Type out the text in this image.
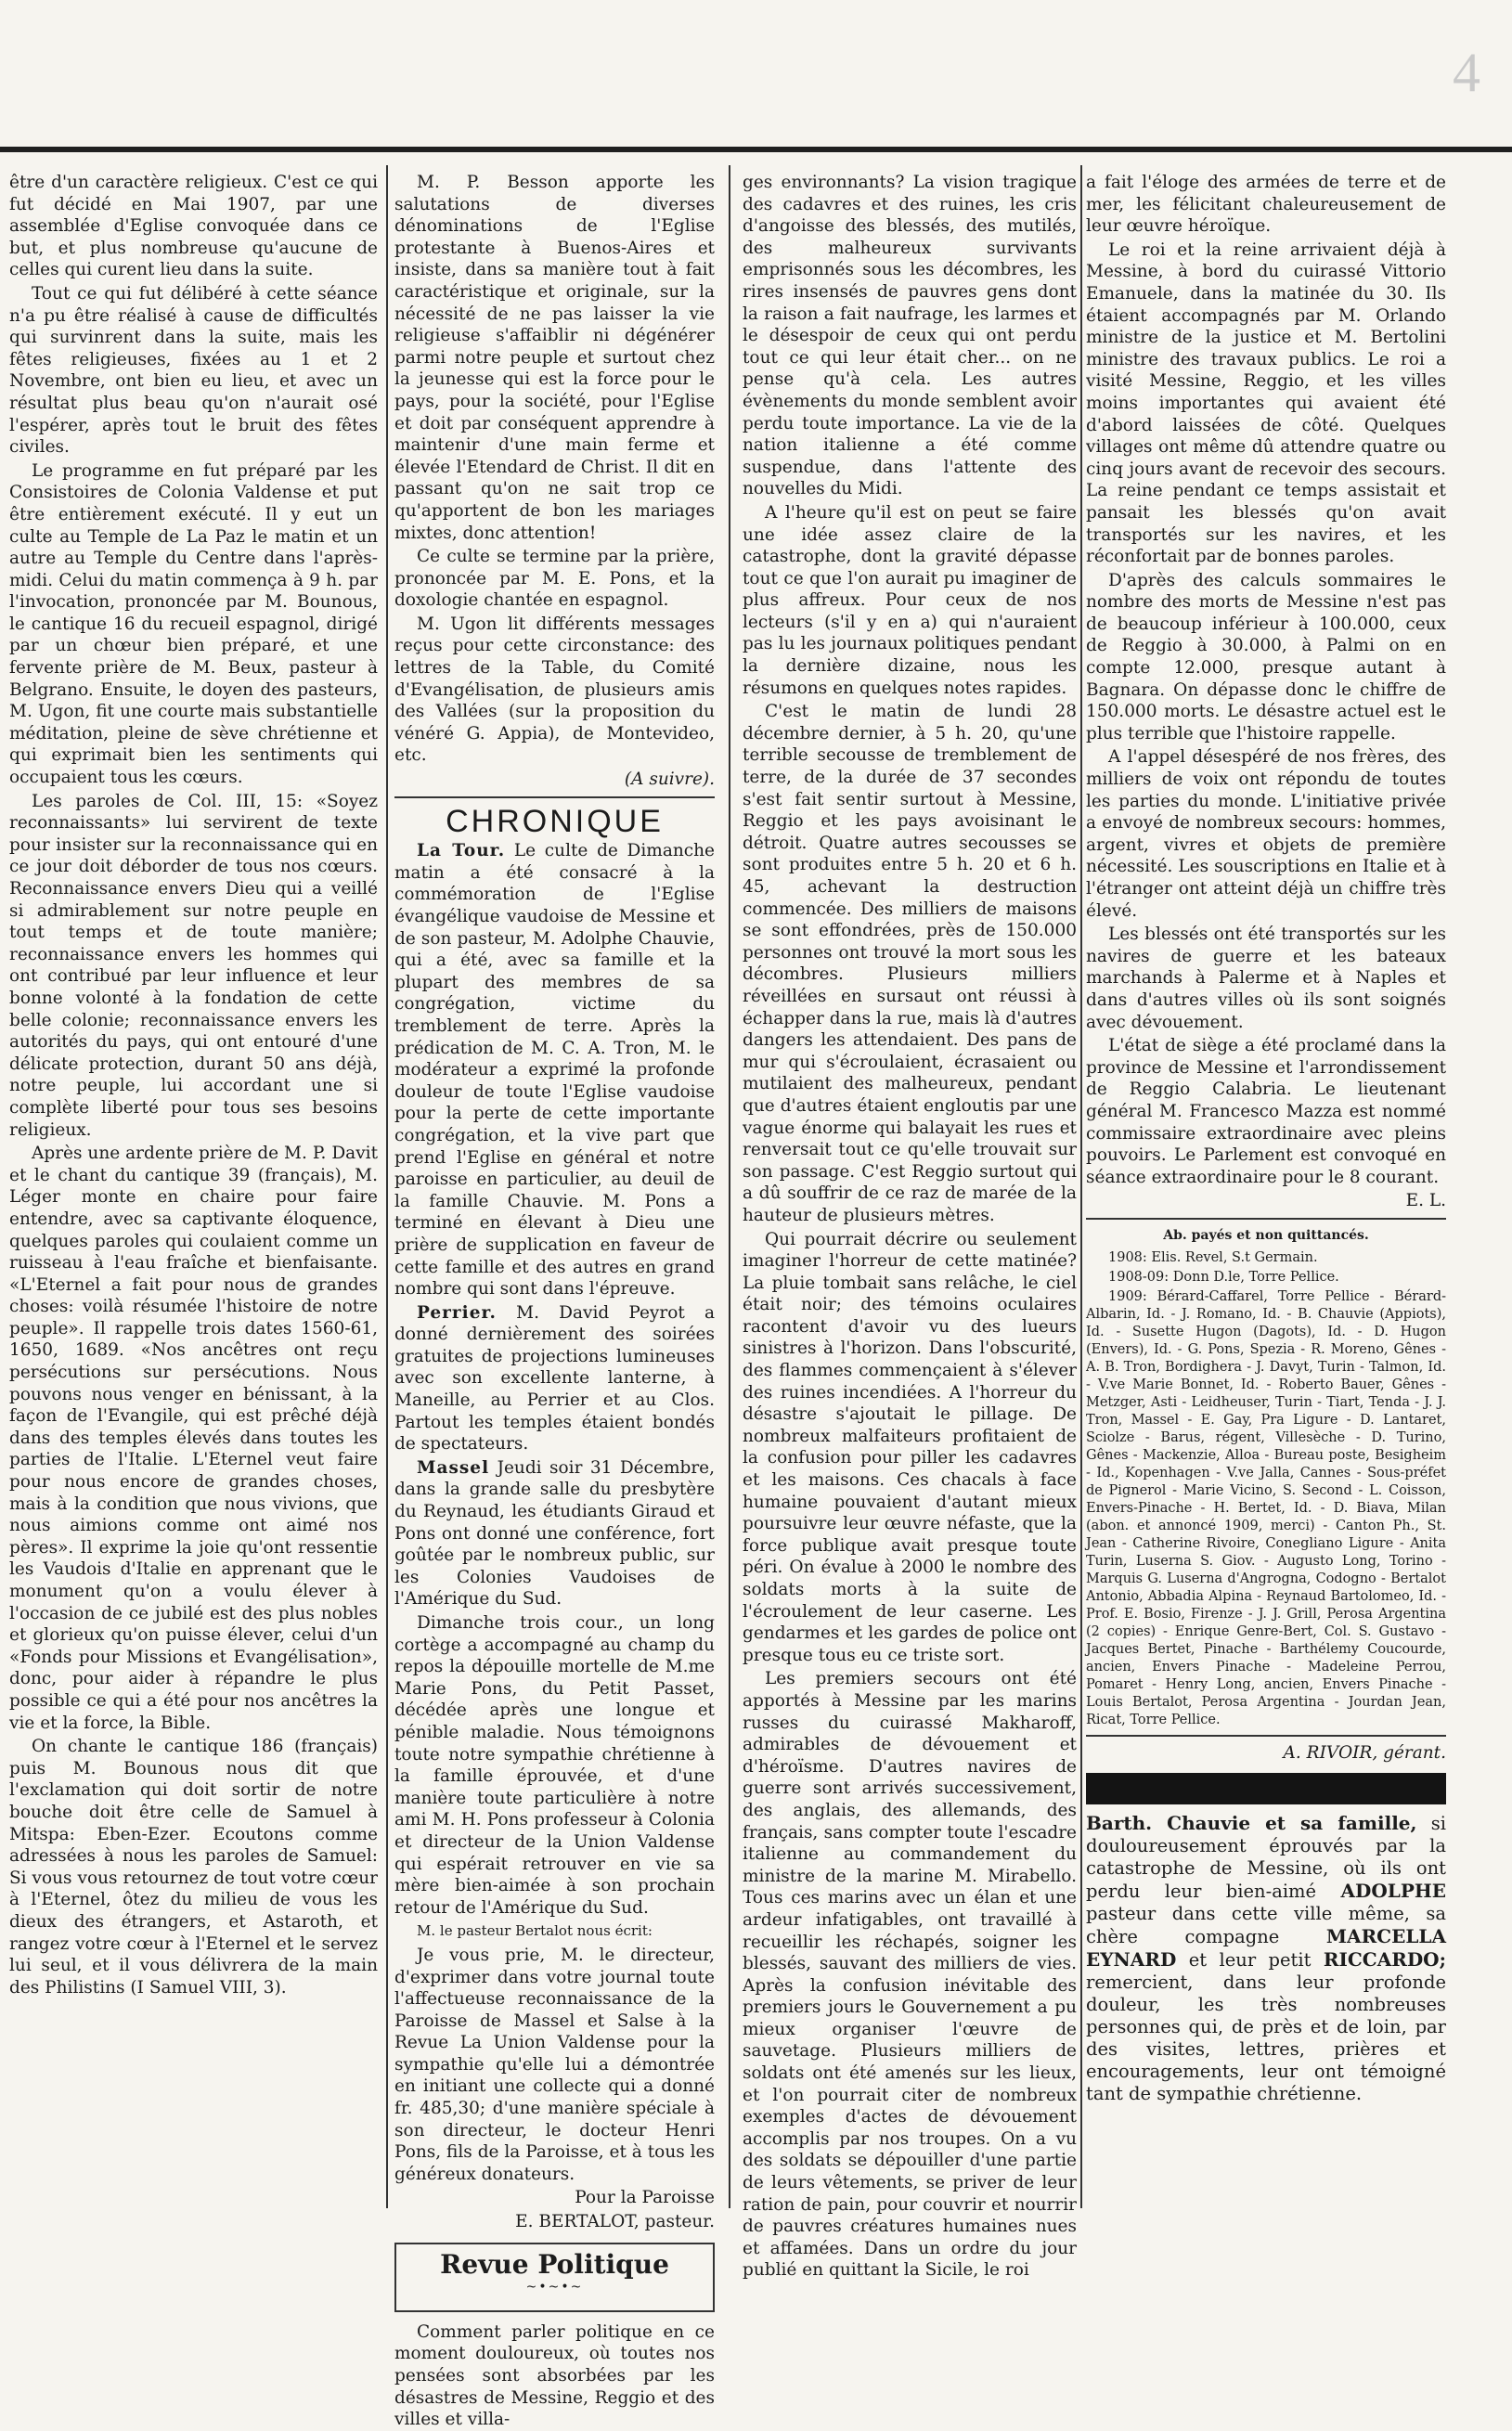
4

être d'un caractère religieux. C'est ce qui fut décidé en Mai 1907, par une assemblée d'Eglise convoquée dans ce but, et plus nombreuse qu'aucune de celles qui curent lieu dans la suite.

Tout ce qui fut délibéré à cette séance n'a pu être réalisé à cause de difficultés qui survinrent dans la suite, mais les fêtes religieuses, fixées au 1 et 2 Novembre, ont bien eu lieu, et avec un résultat plus beau qu'on n'aurait osé l'espérer, après tout le bruit des fêtes civiles.

Le programme en fut préparé par les Consistoires de Colonia Valdense et put être entièrement exécuté. Il y eut un culte au Temple de La Paz le matin et un autre au Temple du Centre dans l'après-midi. Celui du matin commença à 9 h. par l'invocation, prononcée par M. Bounous, le cantique 16 du recueil espagnol, dirigé par un chœur bien préparé, et une fervente prière de M. Beux, pasteur à Belgrano. Ensuite, le doyen des pasteurs, M. Ugon, fit une courte mais substantielle méditation, pleine de sève chrétienne et qui exprimait bien les sentiments qui occupaient tous les cœurs.

Les paroles de Col. III, 15: «Soyez reconnaissants» lui servirent de texte pour insister sur la reconnaissance qui en ce jour doit déborder de tous nos cœurs. Reconnaissance envers Dieu qui a veillé si admirablement sur notre peuple en tout temps et de toute manière; reconnaissance envers les hommes qui ont contribué par leur influence et leur bonne volonté à la fondation de cette belle colonie; reconnaissance envers les autorités du pays, qui ont entouré d'une délicate protection, durant 50 ans déjà, notre peuple, lui accordant une si complète liberté pour tous ses besoins religieux.

Après une ardente prière de M. P. Davit et le chant du cantique 39 (français), M. Léger monte en chaire pour faire entendre, avec sa captivante éloquence, quelques paroles qui coulaient comme un ruisseau à l'eau fraîche et bienfaisante. «L'Eternel a fait pour nous de grandes choses: voilà résumée l'histoire de notre peuple». Il rappelle trois dates 1560-61, 1650, 1689. «Nos ancêtres ont reçu persécutions sur persécutions. Nous pouvons nous venger en bénissant, à la façon de l'Evangile, qui est prêché déjà dans des temples élevés dans toutes les parties de l'Italie. L'Eternel veut faire pour nous encore de grandes choses, mais à la condition que nous vivions, que nous aimions comme ont aimé nos pères». Il exprime la joie qu'ont ressentie les Vaudois d'Italie en apprenant que le monument qu'on a voulu élever à l'occasion de ce jubilé est des plus nobles et glorieux qu'on puisse élever, celui d'un «Fonds pour Missions et Evangélisation», donc, pour aider à répandre le plus possible ce qui a été pour nos ancêtres la vie et la force, la Bible.

On chante le cantique 186 (français) puis M. Bounous nous dit que l'exclamation qui doit sortir de notre bouche doit être celle de Samuel à Mitspa: Eben-Ezer. Ecoutons comme adressées à nous les paroles de Samuel: Si vous vous retournez de tout votre cœur à l'Eternel, ôtez du milieu de vous les dieux des étrangers, et Astaroth, et rangez votre cœur à l'Eternel et le servez lui seul, et il vous délivrera de la main des Philistins (I Samuel VIII, 3).

M. P. Besson apporte les salutations de diverses dénominations de l'Eglise protestante à Buenos-Aires et insiste, dans sa manière tout à fait caractéristique et originale, sur la nécessité de ne pas laisser la vie religieuse s'affaiblir ni dégénérer parmi notre peuple et surtout chez la jeunesse qui est la force pour le pays, pour la société, pour l'Eglise et doit par conséquent apprendre à maintenir d'une main ferme et élevée l'Etendard de Christ. Il dit en passant qu'on ne sait trop ce qu'apportent de bon les mariages mixtes, donc attention!

Ce culte se termine par la prière, prononcée par M. E. Pons, et la doxologie chantée en espagnol.

M. Ugon lit différents messages reçus pour cette circonstance: des lettres de la Table, du Comité d'Evangélisation, de plusieurs amis des Vallées (sur la proposition du vénéré G. Appia), de Montevideo, etc.

(A suivre).

CHRONIQUE

La Tour. Le culte de Dimanche matin a été consacré à la commémoration de l'Eglise évangélique vaudoise de Messine et de son pasteur, M. Adolphe Chauvie, qui a été, avec sa famille et la plupart des membres de sa congrégation, victime du tremblement de terre. Après la prédication de M. C. A. Tron, M. le modérateur a exprimé la profonde douleur de toute l'Eglise vaudoise pour la perte de cette importante congrégation, et la vive part que prend l'Eglise en général et notre paroisse en particulier, au deuil de la famille Chauvie. M. Pons a terminé en élevant à Dieu une prière de supplication en faveur de cette famille et des autres en grand nombre qui sont dans l'épreuve.

Perrier. M. David Peyrot a donné dernièrement des soirées gratuites de projections lumineuses avec son excellente lanterne, à Maneille, au Perrier et au Clos. Partout les temples étaient bondés de spectateurs.

Massel Jeudi soir 31 Décembre, dans la grande salle du presbytère du Reynaud, les étudiants Giraud et Pons ont donné une conférence, fort goûtée par le nombreux public, sur les Colonies Vaudoises de l'Amérique du Sud.

Dimanche trois cour., un long cortège a accompagné au champ du repos la dépouille mortelle de M.me Marie Pons, du Petit Passet, décédée après une longue et pénible maladie. Nous témoignons toute notre sympathie chrétienne à la famille éprouvée, et d'une manière toute particulière à notre ami M. H. Pons professeur à Colonia et directeur de la Union Valdense qui espérait retrouver en vie sa mère bien-aimée à son prochain retour de l'Amérique du Sud.

M. le pasteur Bertalot nous écrit:

Je vous prie, M. le directeur, d'exprimer dans votre journal toute l'affectueuse reconnaissance de la Paroisse de Massel et Salse à la Revue La Union Valdense pour la sympathie qu'elle lui a démontrée en initiant une collecte qui a donné fr. 485,30; d'une manière spéciale à son directeur, le docteur Henri Pons, fils de la Paroisse, et à tous les généreux donateurs.

Pour la Paroisse

E. BERTALOT, pasteur.

Revue Politique
~•~•~

Comment parler politique en ce moment douloureux, où toutes nos pensées sont absorbées par les désastres de Messine, Reggio et des villes et villa-

ges environnants? La vision tragique des cadavres et des ruines, les cris d'angoisse des blessés, des mutilés, des malheureux survivants emprisonnés sous les décombres, les rires insensés de pauvres gens dont la raison a fait naufrage, les larmes et le désespoir de ceux qui ont perdu tout ce qui leur était cher... on ne pense qu'à cela. Les autres évènements du monde semblent avoir perdu toute importance. La vie de la nation italienne a été comme suspendue, dans l'attente des nouvelles du Midi.

A l'heure qu'il est on peut se faire une idée assez claire de la catastrophe, dont la gravité dépasse tout ce que l'on aurait pu imaginer de plus affreux. Pour ceux de nos lecteurs (s'il y en a) qui n'auraient pas lu les journaux politiques pendant la dernière dizaine, nous les résumons en quelques notes rapides.

C'est le matin de lundi 28 décembre dernier, à 5 h. 20, qu'une terrible secousse de tremblement de terre, de la durée de 37 secondes s'est fait sentir surtout à Messine, Reggio et les pays avoisinant le détroit. Quatre autres secousses se sont produites entre 5 h. 20 et 6 h. 45, achevant la destruction commencée. Des milliers de maisons se sont effondrées, près de 150.000 personnes ont trouvé la mort sous les décombres. Plusieurs milliers réveillées en sursaut ont réussi à échapper dans la rue, mais là d'autres dangers les attendaient. Des pans de mur qui s'écroulaient, écrasaient ou mutilaient des malheureux, pendant que d'autres étaient engloutis par une vague énorme qui balayait les rues et renversait tout ce qu'elle trouvait sur son passage. C'est Reggio surtout qui a dû souffrir de ce raz de marée de la hauteur de plusieurs mètres.

Qui pourrait décrire ou seulement imaginer l'horreur de cette matinée? La pluie tombait sans relâche, le ciel était noir; des témoins oculaires racontent d'avoir vu des lueurs sinistres à l'horizon. Dans l'obscurité, des flammes commençaient à s'élever des ruines incendiées. A l'horreur du désastre s'ajoutait le pillage. De nombreux malfaiteurs profitaient de la confusion pour piller les cadavres et les maisons. Ces chacals à face humaine pouvaient d'autant mieux poursuivre leur œuvre néfaste, que la force publique avait presque toute péri. On évalue à 2000 le nombre des soldats morts à la suite de l'écroulement de leur caserne. Les gendarmes et les gardes de police ont presque tous eu ce triste sort.

Les premiers secours ont été apportés à Messine par les marins russes du cuirassé Makharoff, admirables de dévouement et d'héroïsme. D'autres navires de guerre sont arrivés successivement, des anglais, des allemands, des français, sans compter toute l'escadre italienne au commandement du ministre de la marine M. Mirabello. Tous ces marins avec un élan et une ardeur infatigables, ont travaillé à recueillir les réchapés, soigner les blessés, sauvant des milliers de vies. Après la confusion inévitable des premiers jours le Gouvernement a pu mieux organiser l'œuvre de sauvetage. Plusieurs milliers de soldats ont été amenés sur les lieux, et l'on pourrait citer de nombreux exemples d'actes de dévouement accomplis par nos troupes. On a vu des soldats se dépouiller d'une partie de leurs vêtements, se priver de leur ration de pain, pour couvrir et nourrir de pauvres créatures humaines nues et affamées. Dans un ordre du jour publié en quittant la Sicile, le roi

a fait l'éloge des armées de terre et de mer, les félicitant chaleureusement de leur œuvre héroïque.

Le roi et la reine arrivaient déjà à Messine, à bord du cuirassé Vittorio Emanuele, dans la matinée du 30. Ils étaient accompagnés par M. Orlando ministre de la justice et M. Bertolini ministre des travaux publics. Le roi a visité Messine, Reggio, et les villes moins importantes qui avaient été d'abord laissées de côté. Quelques villages ont même dû attendre quatre ou cinq jours avant de recevoir des secours. La reine pendant ce temps assistait et pansait les blessés qu'on avait transportés sur les navires, et les réconfortait par de bonnes paroles.

D'après des calculs sommaires le nombre des morts de Messine n'est pas de beaucoup inférieur à 100.000, ceux de Reggio à 30.000, à Palmi on en compte 12.000, presque autant à Bagnara. On dépasse donc le chiffre de 150.000 morts. Le désastre actuel est le plus terrible que l'histoire rappelle.

A l'appel désespéré de nos frères, des milliers de voix ont répondu de toutes les parties du monde. L'initiative privée a envoyé de nombreux secours: hommes, argent, vivres et objets de première nécessité. Les souscriptions en Italie et à l'étranger ont atteint déjà un chiffre très élevé.

Les blessés ont été transportés sur les navires de guerre et les bateaux marchands à Palerme et à Naples et dans d'autres villes où ils sont soignés avec dévouement.

L'état de siège a été proclamé dans la province de Messine et l'arrondissement de Reggio Calabria. Le lieutenant général M. Francesco Mazza est nommé commissaire extraordinaire avec pleins pouvoirs. Le Parlement est convoqué en séance extraordinaire pour le 8 courant.

E. L.

Ab. payés et non quittancés.

1908: Elis. Revel, S.t Germain.

1908-09: Donn D.le, Torre Pellice.

1909: Bérard-Caffarel, Torre Pellice - Bérard-Albarin, Id. - J. Romano, Id. - B. Chauvie (Appiots), Id. - Susette Hugon (Dagots), Id. - D. Hugon (Envers), Id. - G. Pons, Spezia - R. Moreno, Gênes - A. B. Tron, Bordighera - J. Davyt, Turin - Talmon, Id. - V.ve Marie Bonnet, Id. - Roberto Bauer, Gênes - Metzger, Asti - Leidheuser, Turin - Tiart, Tenda - J. J. Tron, Massel - E. Gay, Pra Ligure - D. Lantaret, Sciolze - Barus, régent, Villesèche - D. Turino, Gênes - Mackenzie, Alloa - Bureau poste, Besigheim - Id., Kopenhagen - V.ve Jalla, Cannes - Sous-préfet de Pignerol - Marie Vicino, S. Second - L. Coisson, Envers-Pinache - H. Bertet, Id. - D. Biava, Milan (abon. et annoncé 1909, merci) - Canton Ph., St. Jean - Catherine Rivoire, Conegliano Ligure - Anita Turin, Luserna S. Giov. - Augusto Long, Torino - Marquis G. Luserna d'Angrogna, Codogno - Bertalot Antonio, Abbadia Alpina - Reynaud Bartolomeo, Id. - Prof. E. Bosio, Firenze - J. J. Grill, Perosa Argentina (2 copies) - Enrique Genre-Bert, Col. S. Gustavo - Jacques Bertet, Pinache - Barthélemy Coucourde, ancien, Envers Pinache - Madeleine Perrou, Pomaret - Henry Long, ancien, Envers Pinache - Louis Bertalot, Perosa Argentina - Jourdan Jean, Ricat, Torre Pellice.

A. RIVOIR, gérant.
Barth. Chauvie et sa famille, si douloureusement éprouvés par la catastrophe de Messine, où ils ont perdu leur bien-aimé ADOLPHE pasteur dans cette ville même, sa chère compagne	MARCELLA EYNARD et leur petit RICCARDO; remercient, dans leur profonde douleur, les très nombreuses personnes qui, de près et de loin, par des visites, lettres, prières et encouragements, leur ont témoigné tant de sympathie chrétienne.
